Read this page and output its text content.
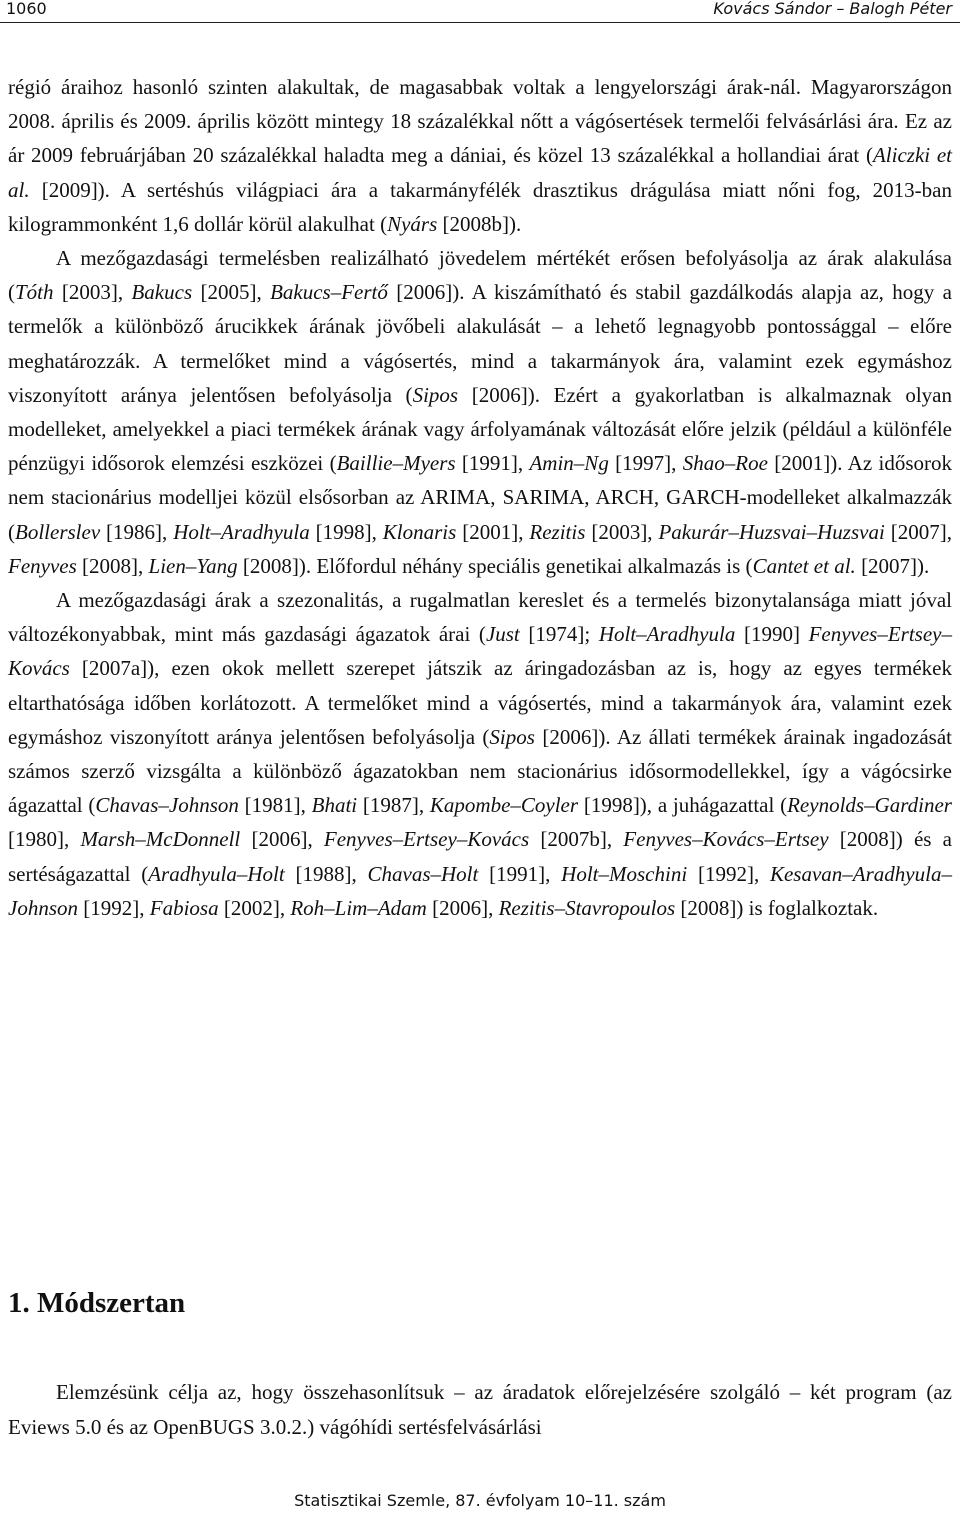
1060	Kovács Sándor – Balogh Péter

régió áraihoz hasonló szinten alakultak, de magasabbak voltak a lengyelországi árak-nál. Magyarországon 2008. április és 2009. április között mintegy 18 százalékkal nőtt a vágósertések termelői felvásárlási ára. Ez az ár 2009 februárjában 20 százalékkal haladta meg a dániai, és közel 13 százalékkal a hollandiai árat (Aliczki et al. [2009]). A sertéshús világpiaci ára a takarmányfélék drasztikus drágulása miatt nőni fog, 2013-ban kilogrammonként 1,6 dollár körül alakulhat (Nyárs [2008b]).

A mezőgazdasági termelésben realizálható jövedelem mértékét erősen befolyásolja az árak alakulása (Tóth [2003], Bakucs [2005], Bakucs–Fertő [2006]). A kiszámítható és stabil gazdálkodás alapja az, hogy a termelők a különböző árucikkek árának jövőbeli alakulását – a lehető legnagyobb pontossággal – előre meghatározzák. A termelőket mind a vágósertés, mind a takarmányok ára, valamint ezek egymáshoz viszonyított aránya jelentősen befolyásolja (Sipos [2006]). Ezért a gyakorlatban is alkalmaznak olyan modelleket, amelyekkel a piaci termékek árának vagy árfolyamának változását előre jelzik (például a különféle pénzügyi idősorok elemzési eszközei (Baillie–Myers [1991], Amin–Ng [1997], Shao–Roe [2001]). Az idősorok nem stacionárius modelljei közül elsősorban az ARIMA, SARIMA, ARCH, GARCH-modelleket alkalmazzák (Bollerslev [1986], Holt–Aradhyula [1998], Klonaris [2001], Rezitis [2003], Pakurár–Huzsvai–Huzsvai [2007], Fenyves [2008], Lien–Yang [2008]). Előfordul néhány speciális genetikai alkalmazás is (Cantet et al. [2007]).

A mezőgazdasági árak a szezonalitás, a rugalmatlan kereslet és a termelés bizonytalansága miatt jóval változékonyabbak, mint más gazdasági ágazatok árai (Just [1974]; Holt–Aradhyula [1990] Fenyves–Ertsey–Kovács [2007a]), ezen okok mellett szerepet játszik az áringadozásban az is, hogy az egyes termékek eltarthatósága időben korlátozott. A termelőket mind a vágósertés, mind a takarmányok ára, valamint ezek egymáshoz viszonyított aránya jelentősen befolyásolja (Sipos [2006]). Az állati termékek árainak ingadozását számos szerző vizsgálta a különböző ágazatokban nem stacionárius idősormodellekkel, így a vágócsirke ágazattal (Chavas–Johnson [1981], Bhati [1987], Kapombe–Coyler [1998]), a juhágazattal (Reynolds–Gardiner [1980], Marsh–McDonnell [2006], Fenyves–Ertsey–Kovács [2007b], Fenyves–Kovács–Ertsey [2008]) és a sertéságazattal (Aradhyula–Holt [1988], Chavas–Holt [1991], Holt–Moschini [1992], Kesavan–Aradhyula–Johnson [1992], Fabiosa [2002], Roh–Lim–Adam [2006], Rezitis–Stavropoulos [2008]) is foglalkoztak.

1. Módszertan

Elemzésünk célja az, hogy összehasonlítsuk – az áradatok előrejelzésére szolgáló – két program (az Eviews 5.0 és az OpenBUGS 3.0.2.) vágóhídi sertésfelvásárlási

Statisztikai Szemle, 87. évfolyam 10–11. szám
